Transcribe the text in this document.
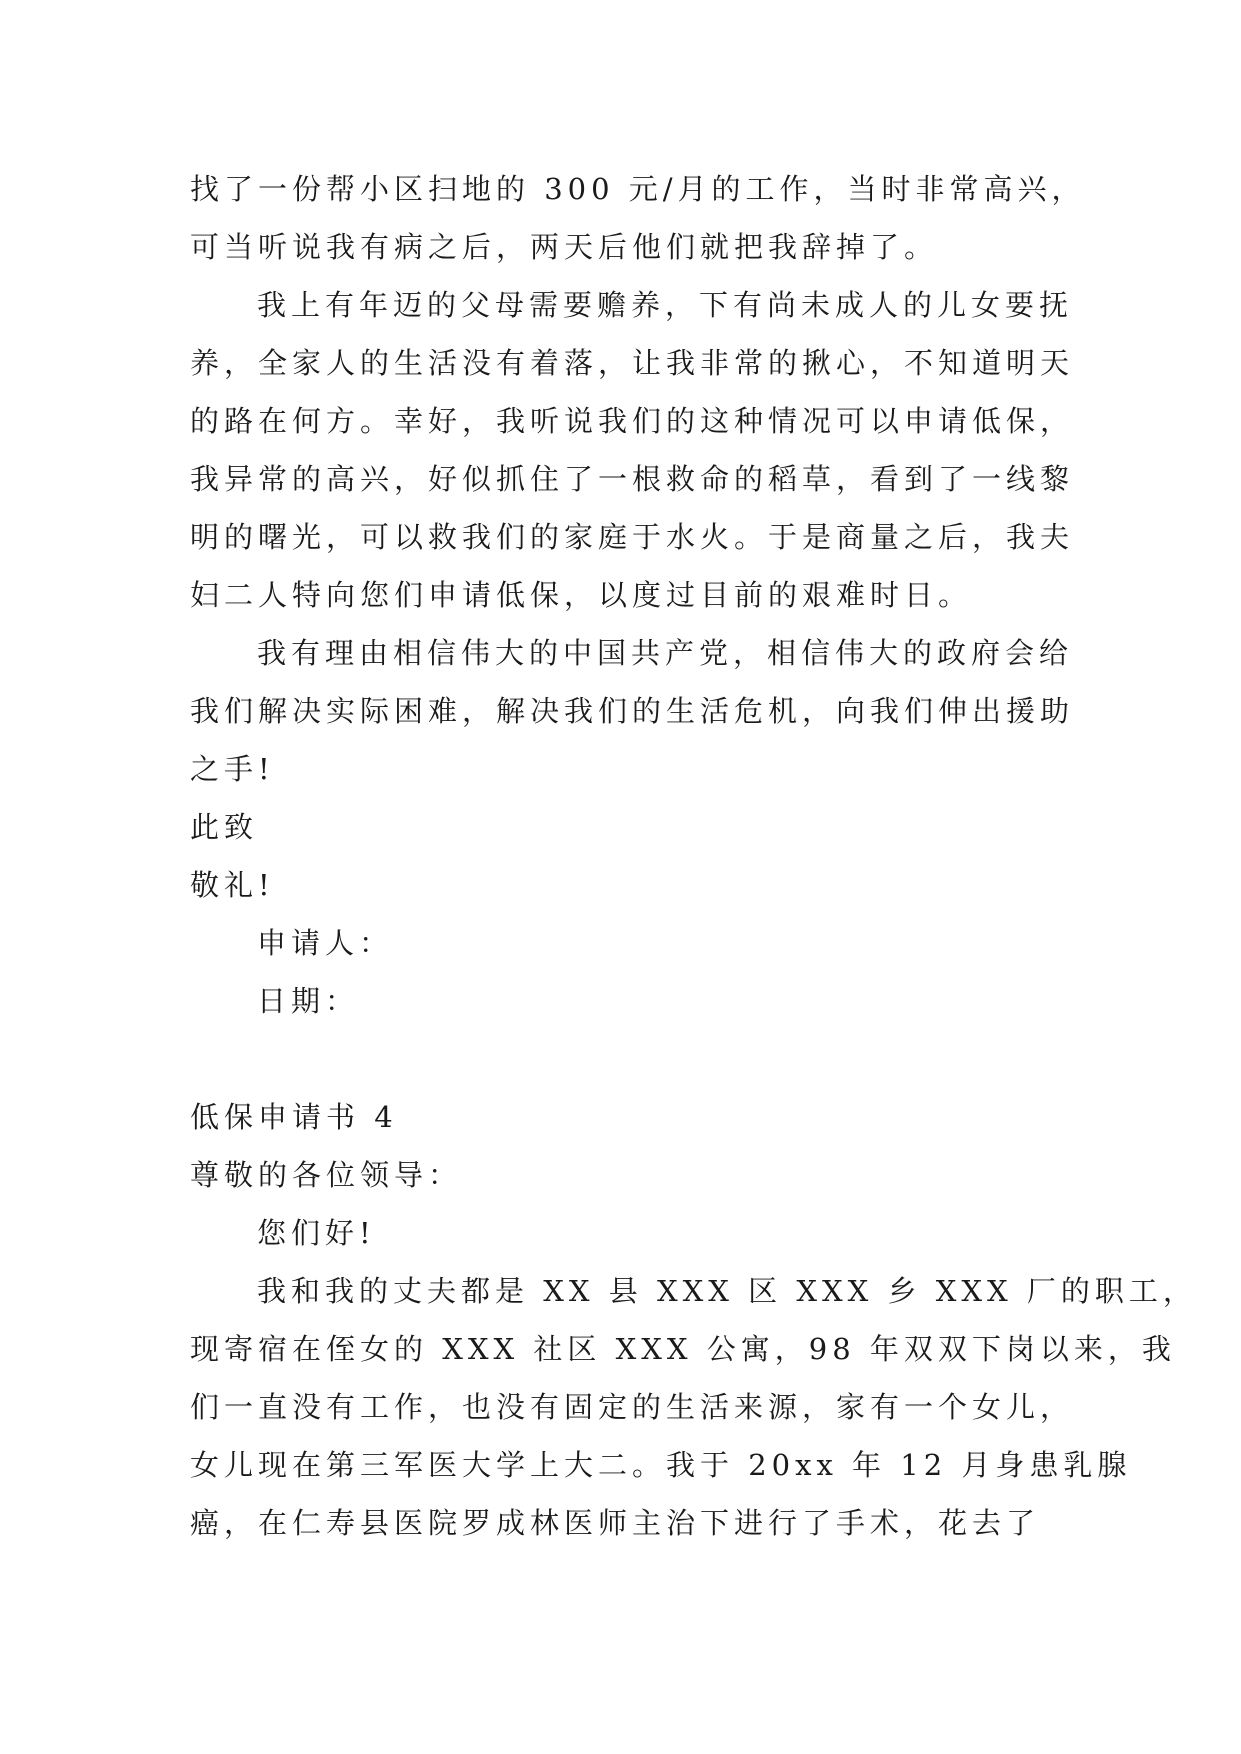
找了一份帮小区扫地的 300 元/月的工作，当时非常高兴，
可当听说我有病之后，两天后他们就把我辞掉了。
我上有年迈的父母需要赡养，下有尚未成人的儿女要抚
养，全家人的生活没有着落，让我非常的揪心，不知道明天
的路在何方。幸好，我听说我们的这种情况可以申请低保，
我异常的高兴，好似抓住了一根救命的稻草，看到了一线黎
明的曙光，可以救我们的家庭于水火。于是商量之后，我夫
妇二人特向您们申请低保，以度过目前的艰难时日。
我有理由相信伟大的中国共产党，相信伟大的政府会给
我们解决实际困难，解决我们的生活危机，向我们伸出援助
之手!
此致
敬礼!
申请人：
日期：
低保申请书 4
尊敬的各位领导：
您们好!
我和我的丈夫都是 XX 县 XXX 区 XXX 乡 XXX 厂的职工，
现寄宿在侄女的 XXX 社区 XXX 公寓，98 年双双下岗以来，我
们一直没有工作，也没有固定的生活来源，家有一个女儿，
女儿现在第三军医大学上大二。我于 20xx 年 12 月身患乳腺
癌，在仁寿县医院罗成林医师主治下进行了手术，花去了
